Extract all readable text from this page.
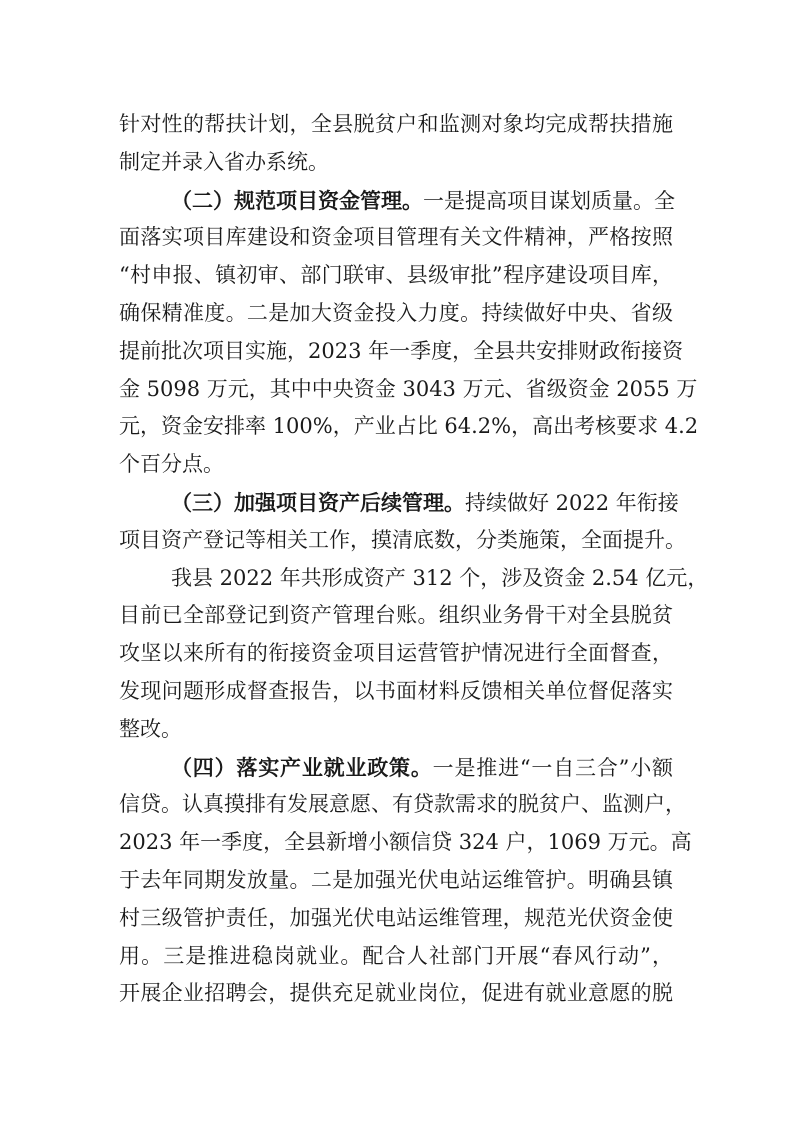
针对性的帮扶计划，全县脱贫户和监测对象均完成帮扶措施
制定并录入省办系统。
（二）规范项目资金管理。一是提高项目谋划质量。全
面落实项目库建设和资金项目管理有关文件精神，严格按照
“村申报、镇初审、部门联审、县级审批”程序建设项目库，
确保精准度。二是加大资金投入力度。持续做好中央、省级
提前批次项目实施，2023 年一季度，全县共安排财政衔接资
金 5098 万元，其中中央资金 3043 万元、省级资金 2055 万
元，资金安排率 100%，产业占比 64.2%，高出考核要求 4.2
个百分点。
（三）加强项目资产后续管理。持续做好 2022 年衔接
项目资产登记等相关工作，摸清底数，分类施策，全面提升。
我县 2022 年共形成资产 312 个，涉及资金 2.54 亿元，
目前已全部登记到资产管理台账。组织业务骨干对全县脱贫
攻坚以来所有的衔接资金项目运营管护情况进行全面督查，
发现问题形成督查报告，以书面材料反馈相关单位督促落实
整改。
（四）落实产业就业政策。一是推进“一自三合”小额
信贷。认真摸排有发展意愿、有贷款需求的脱贫户、监测户，
2023 年一季度，全县新增小额信贷 324 户，1069 万元。高
于去年同期发放量。二是加强光伏电站运维管护。明确县镇
村三级管护责任，加强光伏电站运维管理，规范光伏资金使
用。三是推进稳岗就业。配合人社部门开展“春风行动”，
开展企业招聘会，提供充足就业岗位，促进有就业意愿的脱
